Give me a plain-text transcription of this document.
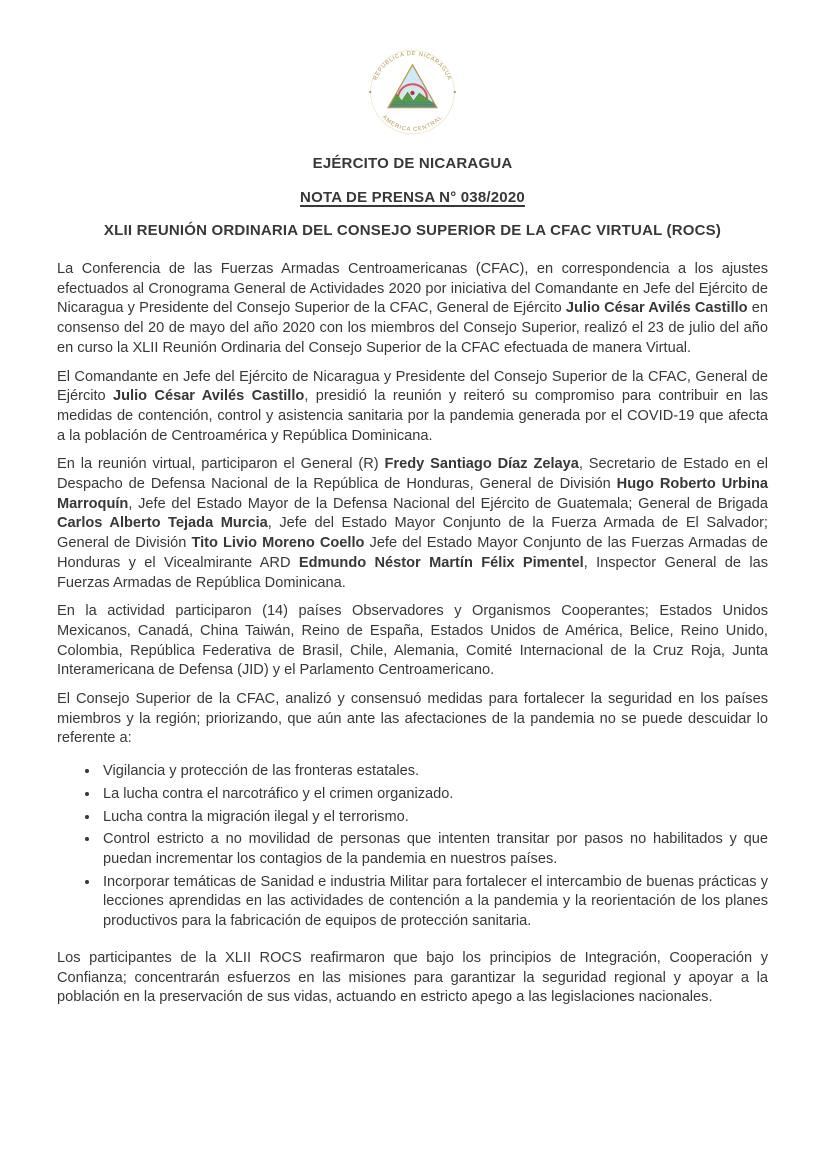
REPUBLICA DE NICARAGUA
AMERICA CENTRAL
EJÉRCITO DE NICARAGUA
NOTA DE PRENSA N° 038/2020
XLII REUNIÓN ORDINARIA DEL CONSEJO SUPERIOR DE LA CFAC VIRTUAL (ROCS)

La Conferencia de las Fuerzas Armadas Centroamericanas (CFAC), en correspondencia a los ajustes efectuados al Cronograma General de Actividades 2020 por iniciativa del Comandante en Jefe del Ejército de Nicaragua y Presidente del Consejo Superior de la CFAC, General de Ejército Julio César Avilés Castillo en consenso del 20 de mayo del año 2020 con los miembros del Consejo Superior, realizó el 23 de julio del año en curso la XLII Reunión Ordinaria del Consejo Superior de la CFAC efectuada de manera Virtual.

El Comandante en Jefe del Ejército de Nicaragua y Presidente del Consejo Superior de la CFAC, General de Ejército Julio César Avilés Castillo, presidió la reunión y reiteró su compromiso para contribuir en las medidas de contención, control y asistencia sanitaria por la pandemia generada por el COVID-19 que afecta a la población de Centroamérica y República Dominicana.

En la reunión virtual, participaron el General (R) Fredy Santiago Díaz Zelaya, Secretario de Estado en el Despacho de Defensa Nacional de la República de Honduras, General de División Hugo Roberto Urbina Marroquín, Jefe del Estado Mayor de la Defensa Nacional del Ejército de Guatemala; General de Brigada Carlos Alberto Tejada Murcia, Jefe del Estado Mayor Conjunto de la Fuerza Armada de El Salvador; General de División Tito Livio Moreno Coello Jefe del Estado Mayor Conjunto de las Fuerzas Armadas de Honduras y el Vicealmirante ARD Edmundo Néstor Martín Félix Pimentel, Inspector General de las Fuerzas Armadas de República Dominicana.

En la actividad participaron (14) países Observadores y Organismos Cooperantes; Estados Unidos Mexicanos, Canadá, China Taiwán, Reino de España, Estados Unidos de América, Belice, Reino Unido, Colombia, República Federativa de Brasil, Chile, Alemania, Comité Internacional de la Cruz Roja, Junta Interamericana de Defensa (JID) y el Parlamento Centroamericano.

El Consejo Superior de la CFAC, analizó y consensuó medidas para fortalecer la seguridad en los países miembros y la región; priorizando, que aún ante las afectaciones de la pandemia no se puede descuidar lo referente a:

• Vigilancia y protección de las fronteras estatales.
• La lucha contra el narcotráfico y el crimen organizado.
• Lucha contra la migración ilegal y el terrorismo.
• Control estricto a no movilidad de personas que intenten transitar por pasos no habilitados y que puedan incrementar los contagios de la pandemia en nuestros países.
• Incorporar temáticas de Sanidad e industria Militar para fortalecer el intercambio de buenas prácticas y lecciones aprendidas en las actividades de contención a la pandemia y la reorientación de los planes productivos para la fabricación de equipos de protección sanitaria.

Los participantes de la XLII ROCS reafirmaron que bajo los principios de Integración, Cooperación y Confianza; concentrarán esfuerzos en las misiones para garantizar la seguridad regional y apoyar a la población en la preservación de sus vidas, actuando en estricto apego a las legislaciones nacionales.
